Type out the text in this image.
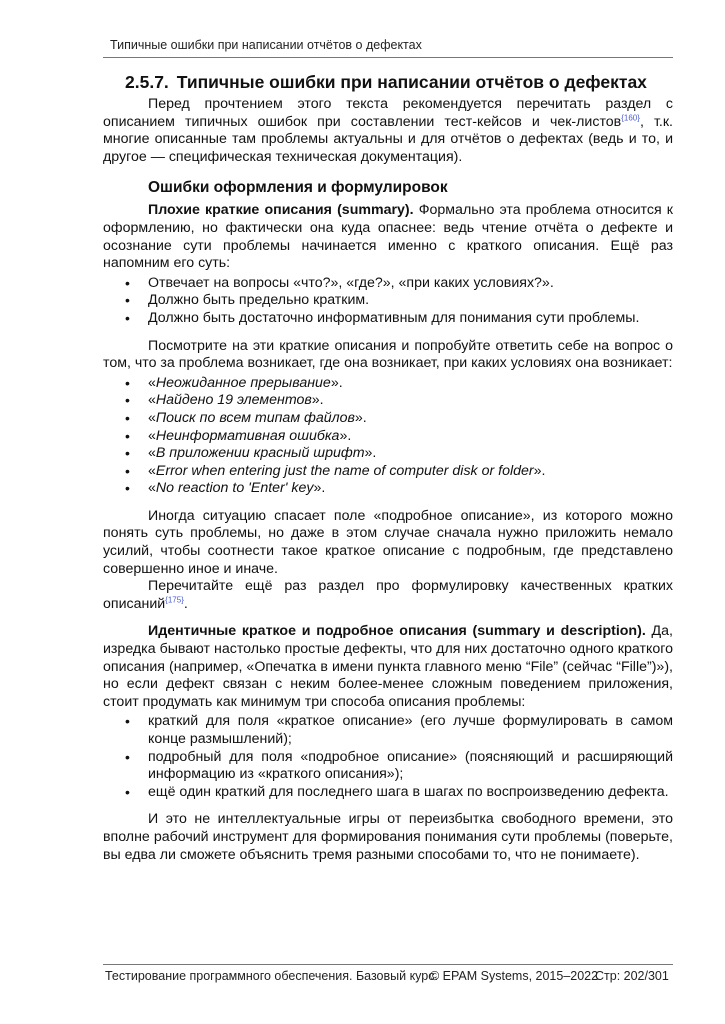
Типичные ошибки при написании отчётов о дефектах
2.5.7. Типичные ошибки при написании отчётов о дефектах

Перед прочтением этого текста рекомендуется перечитать раздел с описанием типичных ошибок при составлении тест-кейсов и чек-листов$^{\{160\}}$, т.к. многие описанные там проблемы актуальны и для отчётов о дефектах (ведь и то, и другое — специфическая техническая документация).

Ошибки оформления и формулировок

Плохие краткие описания (summary). Формально эта проблема относится к оформлению, но фактически она куда опаснее: ведь чтение отчёта о дефекте и осознание сути проблемы начинается именно с краткого описания. Ещё раз напомним его суть:

• Отвечает на вопросы «что?», «где?», «при каких условиях?».
• Должно быть предельно кратким.
• Должно быть достаточно информативным для понимания сути проблемы.

Посмотрите на эти краткие описания и попробуйте ответить себе на вопрос о том, что за проблема возникает, где она возникает, при каких условиях она возникает:

• «Неожиданное прерывание».
• «Найдено 19 элементов».
• «Поиск по всем типам файлов».
• «Неинформативная ошибка».
• «В приложении красный шрифт».
• «Error when entering just the name of computer disk or folder».
• «No reaction to 'Enter' key».

Иногда ситуацию спасает поле «подробное описание», из которого можно понять суть проблемы, но даже в этом случае сначала нужно приложить немало усилий, чтобы соотнести такое краткое описание с подробным, где представлено совершенно иное и иначе.

Перечитайте ещё раз раздел про формулировку качественных кратких описаний$^{\{175\}}$.

Идентичные краткое и подробное описания (summary и description). Да, изредка бывают настолько простые дефекты, что для них достаточно одного краткого описания (например, «Опечатка в имени пункта главного меню “File” (сейчас “Fille”)»), но если дефект связан с неким более-менее сложным поведением приложения, стоит продумать как минимум три способа описания проблемы:

• краткий для поля «краткое описание» (его лучше формулировать в самом конце размышлений);
• подробный для поля «подробное описание» (поясняющий и расширяющий информацию из «краткого описания»);
• ещё один краткий для последнего шага в шагах по воспроизведению дефекта.

И это не интеллектуальные игры от переизбытка свободного времени, это вполне рабочий инструмент для формирования понимания сути проблемы (поверьте, вы едва ли сможете объяснить тремя разными способами то, что не понимаете).

Тестирование программного обеспечения. Базовый курс.
© EPAM Systems, 2015–2022
Стр: 202/301
